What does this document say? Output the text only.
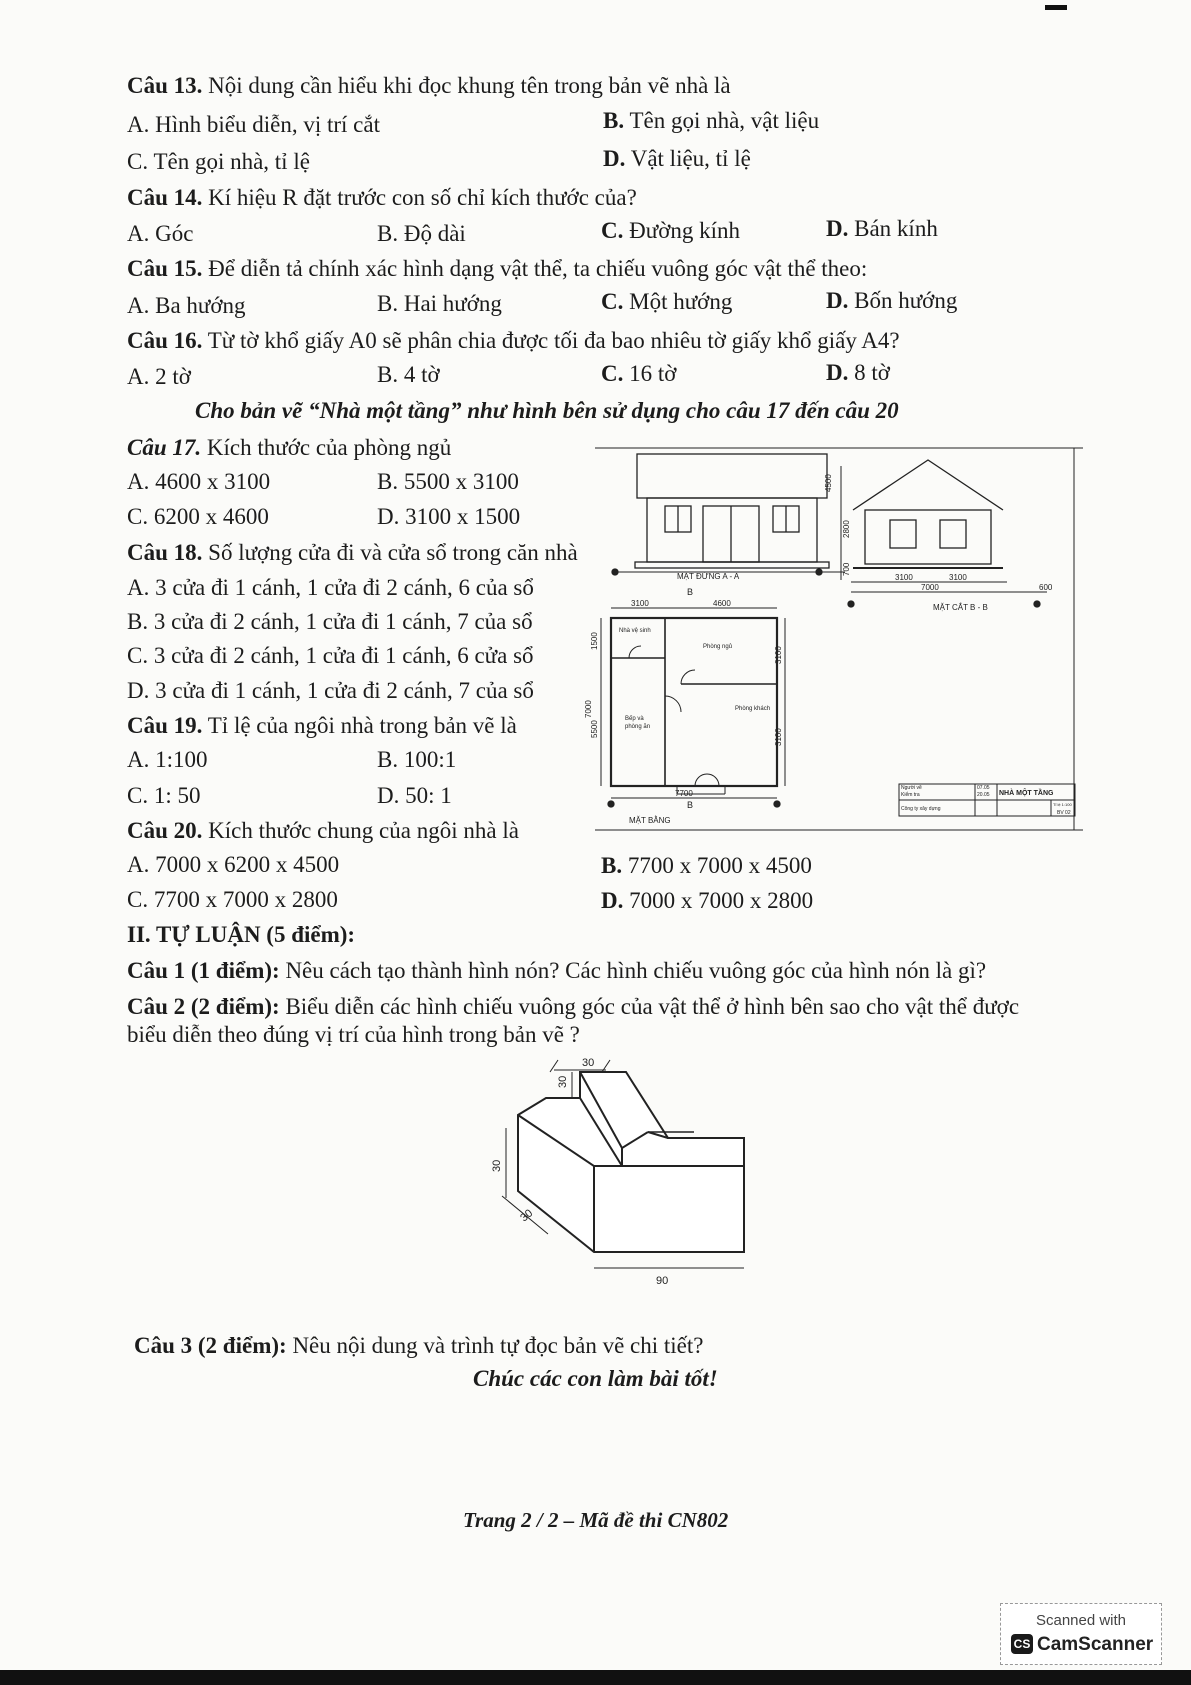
Câu 13. Nội dung cần hiểu khi đọc khung tên trong bản vẽ nhà là
A. Hình biểu diễn, vị trí cắt	B. Tên gọi nhà, vật liệu
C. Tên gọi nhà, tỉ lệ	D. Vật liệu, tỉ lệ
Câu 14. Kí hiệu R đặt trước con số chỉ kích thước của?
A. Góc	B. Độ dài	C. Đường kính	D. Bán kính
Câu 15. Để diễn tả chính xác hình dạng vật thể, ta chiếu vuông góc vật thể theo:
A. Ba hướng	B. Hai hướng	C. Một hướng	D. Bốn hướng
Câu 16. Từ tờ khổ giấy A0 sẽ phân chia được tối đa bao nhiêu tờ giấy khổ giấy A4?
A. 2 tờ	B. 4 tờ	C. 16 tờ	D. 8 tờ
Cho bản vẽ “Nhà một tầng” như hình bên sử dụng cho câu 17 đến câu 20
Câu 17. Kích thước của phòng ngủ
A. 4600 x 3100	B. 5500 x 3100
C. 6200 x 4600	D. 3100 x 1500
Câu 18. Số lượng cửa đi và cửa sổ trong căn nhà
A. 3 cửa đi 1 cánh, 1 cửa đi 2 cánh, 6 của sổ
B. 3 cửa đi 2 cánh, 1 cửa đi 1 cánh, 7 của sổ
C. 3 cửa đi 2 cánh, 1 cửa đi 1 cánh, 6 cửa sổ
D. 3 cửa đi 1 cánh, 1 cửa đi 2 cánh, 7 của sổ
Câu 19. Tỉ lệ của ngôi nhà trong bản vẽ là
A. 1:100	B. 100:1
C. 1: 50	D. 50: 1
Câu 20. Kích thước chung của ngôi nhà là
A. 7000 x 6200 x 4500	B. 7700 x 7000 x 4500
C. 7700 x 7000 x 2800	D. 7000 x 7000 x 2800
II. TỰ LUẬN (5 điểm):
Câu 1 (1 điểm): Nêu cách tạo thành hình nón? Các hình chiếu vuông góc của hình nón là gì?
Câu 2 (2 điểm): Biểu diễn các hình chiếu vuông góc của vật thể ở hình bên sao cho vật thể được
biểu diễn theo đúng vị trí của hình trong bản vẽ ?
MẶT ĐỨNG A - A
4500
2800
700
3100	3100
7000	600
MẶT CẮT B - B
B
3100	4600
Nhà vệ sinh
Phòng ngủ
Phòng khách
Bếp và
phòng ăn
7000
1500
5500
3100
3100
7700
B
MẶT BẰNG
Người vẽ
Kiểm tra
Công ty xây dựng
07.05
20.05 NHÀ MỘT TẦNG
Tỉ lệ 1:100
BV 02
30
30
30
30
90
Câu 3 (2 điểm): Nêu nội dung và trình tự đọc bản vẽ chi tiết?
Chúc các con làm bài tốt!
Trang 2 / 2 – Mã đề thi CN802
Scanned with
CS CamScanner
